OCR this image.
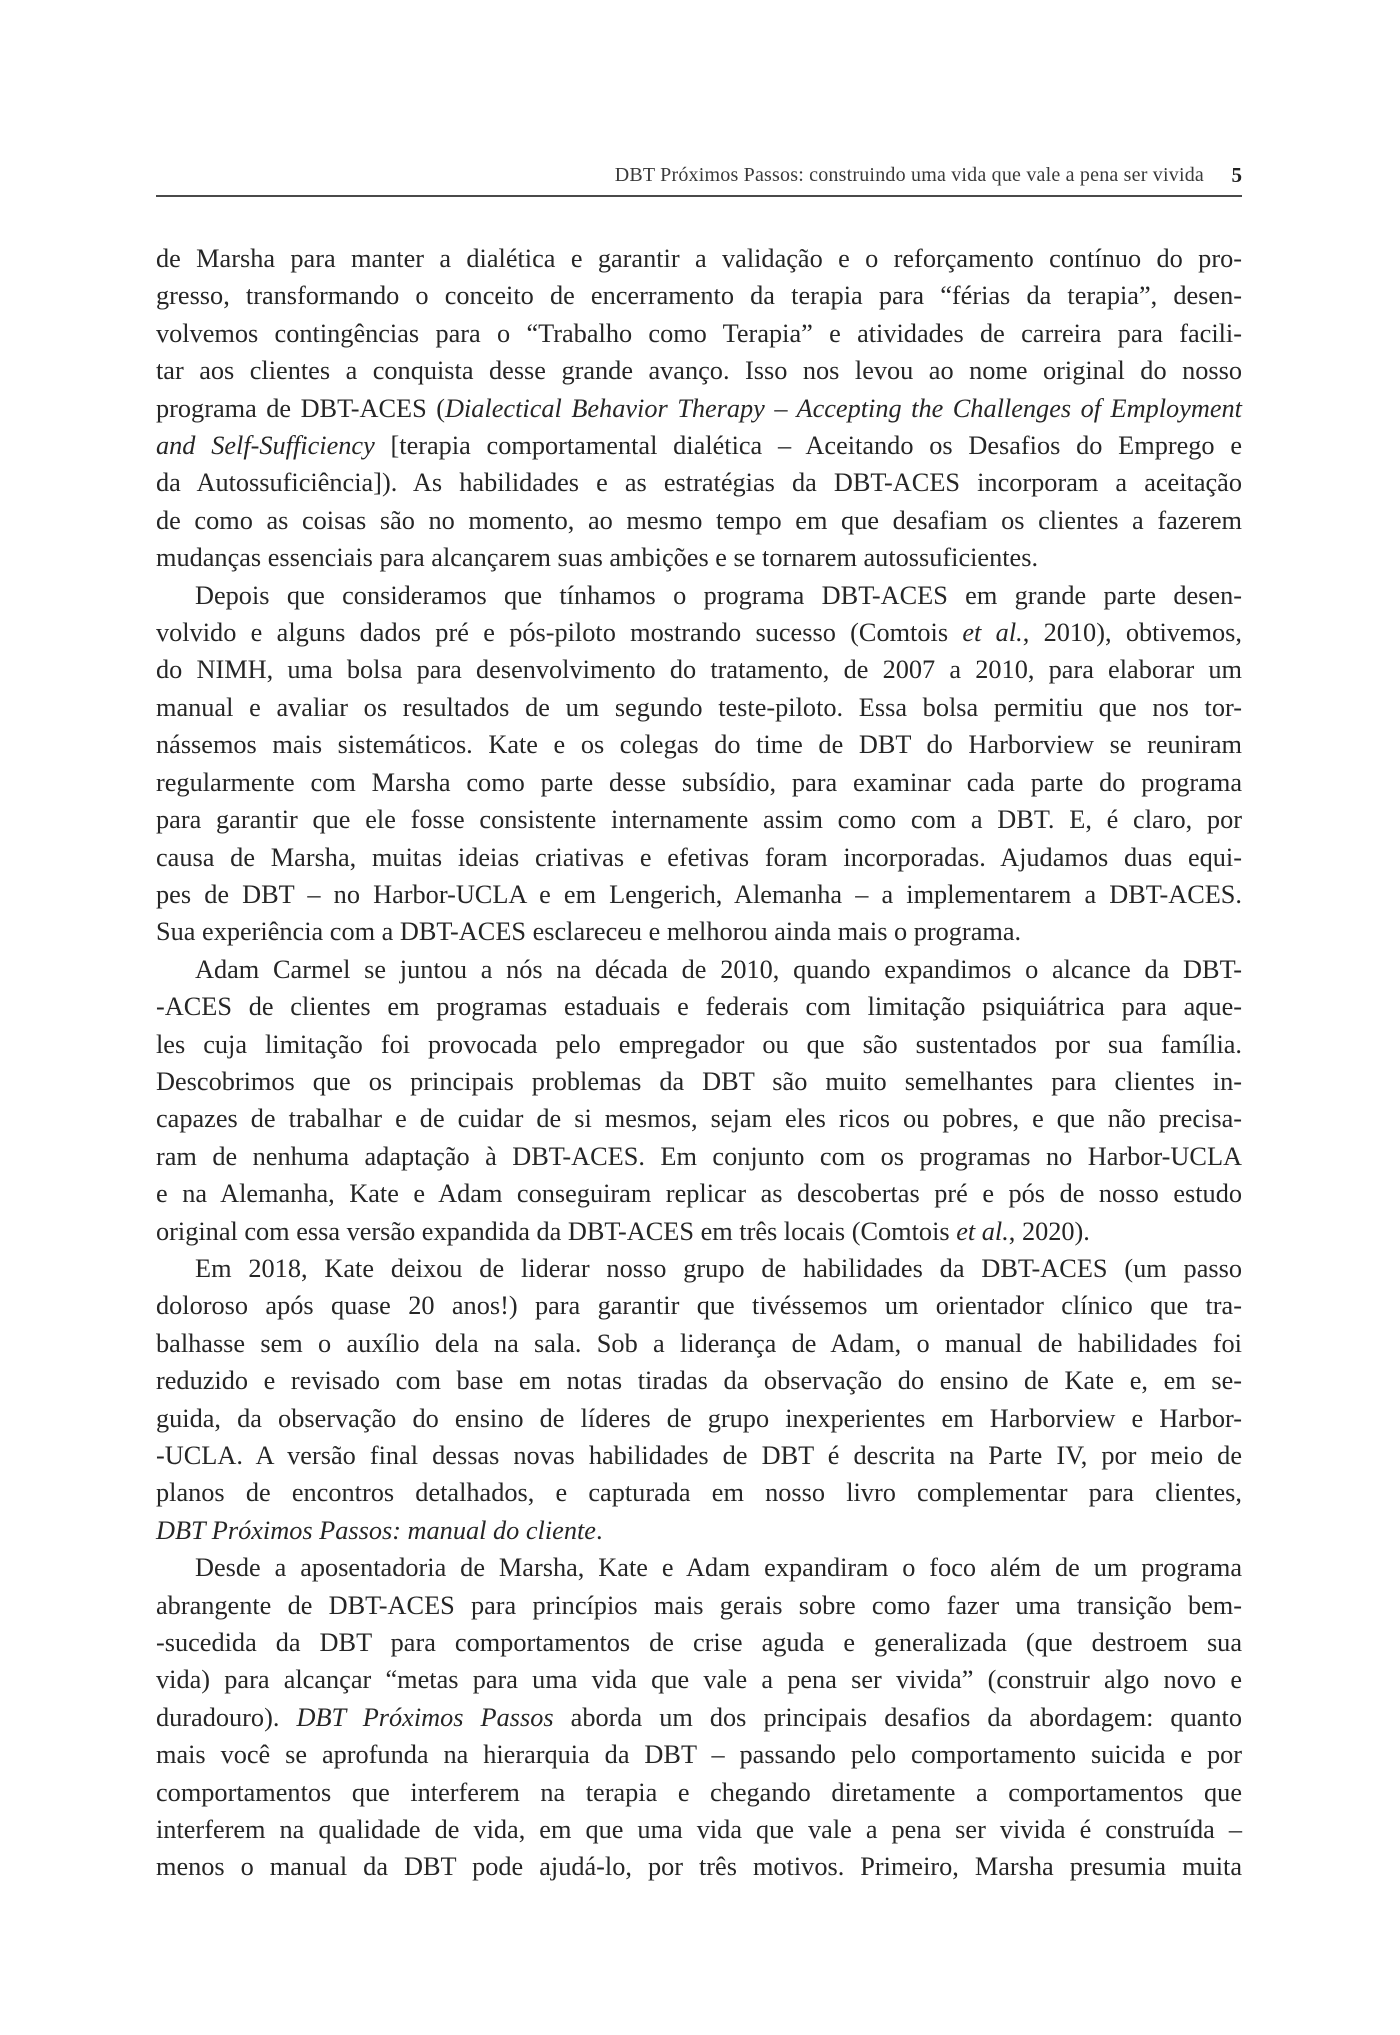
DBT Próximos Passos: construindo uma vida que vale a pena ser vivida 5
de Marsha para manter a dialética e garantir a validação e o reforçamento contínuo do pro-
gresso, transformando o conceito de encerramento da terapia para “férias da terapia”, desen-
volvemos contingências para o “Trabalho como Terapia” e atividades de carreira para facili-
tar aos clientes a conquista desse grande avanço. Isso nos levou ao nome original do nosso
programa de DBT-ACES (Dialectical Behavior Therapy – Accepting the Challenges of Employment
and Self-Sufficiency [terapia comportamental dialética – Aceitando os Desafios do Emprego e
da Autossuficiência]). As habilidades e as estratégias da DBT-ACES incorporam a aceitação
de como as coisas são no momento, ao mesmo tempo em que desafiam os clientes a fazerem
mudanças essenciais para alcançarem suas ambições e se tornarem autossuficientes.
Depois que consideramos que tínhamos o programa DBT-ACES em grande parte desen-
volvido e alguns dados pré e pós-piloto mostrando sucesso (Comtois et al., 2010), obtivemos,
do NIMH, uma bolsa para desenvolvimento do tratamento, de 2007 a 2010, para elaborar um
manual e avaliar os resultados de um segundo teste-piloto. Essa bolsa permitiu que nos tor-
nássemos mais sistemáticos. Kate e os colegas do time de DBT do Harborview se reuniram
regularmente com Marsha como parte desse subsídio, para examinar cada parte do programa
para garantir que ele fosse consistente internamente assim como com a DBT. E, é claro, por
causa de Marsha, muitas ideias criativas e efetivas foram incorporadas. Ajudamos duas equi-
pes de DBT – no Harbor-UCLA e em Lengerich, Alemanha – a implementarem a DBT-ACES.
Sua experiência com a DBT-ACES esclareceu e melhorou ainda mais o programa.
Adam Carmel se juntou a nós na década de 2010, quando expandimos o alcance da DBT-
-ACES de clientes em programas estaduais e federais com limitação psiquiátrica para aque-
les cuja limitação foi provocada pelo empregador ou que são sustentados por sua família.
Descobrimos que os principais problemas da DBT são muito semelhantes para clientes in-
capazes de trabalhar e de cuidar de si mesmos, sejam eles ricos ou pobres, e que não precisa-
ram de nenhuma adaptação à DBT-ACES. Em conjunto com os programas no Harbor-UCLA
e na Alemanha, Kate e Adam conseguiram replicar as descobertas pré e pós de nosso estudo
original com essa versão expandida da DBT-ACES em três locais (Comtois et al., 2020).
Em 2018, Kate deixou de liderar nosso grupo de habilidades da DBT-ACES (um passo
doloroso após quase 20 anos!) para garantir que tivéssemos um orientador clínico que tra-
balhasse sem o auxílio dela na sala. Sob a liderança de Adam, o manual de habilidades foi
reduzido e revisado com base em notas tiradas da observação do ensino de Kate e, em se-
guida, da observação do ensino de líderes de grupo inexperientes em Harborview e Harbor-
-UCLA. A versão final dessas novas habilidades de DBT é descrita na Parte IV, por meio de
planos de encontros detalhados, e capturada em nosso livro complementar para clientes,
DBT Próximos Passos: manual do cliente.
Desde a aposentadoria de Marsha, Kate e Adam expandiram o foco além de um programa
abrangente de DBT-ACES para princípios mais gerais sobre como fazer uma transição bem-
-sucedida da DBT para comportamentos de crise aguda e generalizada (que destroem sua
vida) para alcançar “metas para uma vida que vale a pena ser vivida” (construir algo novo e
duradouro). DBT Próximos Passos aborda um dos principais desafios da abordagem: quanto
mais você se aprofunda na hierarquia da DBT – passando pelo comportamento suicida e por
comportamentos que interferem na terapia e chegando diretamente a comportamentos que
interferem na qualidade de vida, em que uma vida que vale a pena ser vivida é construída –
menos o manual da DBT pode ajudá-lo, por três motivos. Primeiro, Marsha presumia muita
